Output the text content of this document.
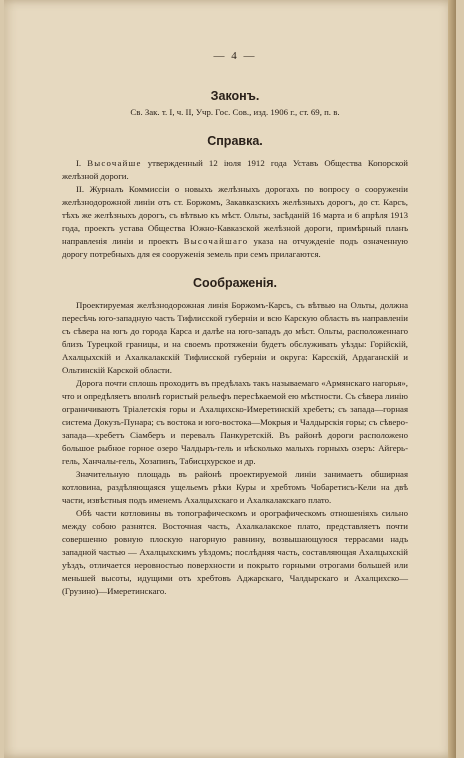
— 4 —
Законъ.
Св. Зак. т. I, ч. II, Учр. Гос. Сов., изд. 1906 г., ст. 69, п. в.
Справка.

I. Высочайше утвержденный 12 іюля 1912 года Уставъ Общества Копорской желѣзной дороги.

II. Журналъ Коммиссіи о новыхъ желѣзныхъ дорогахъ по вопросу о сооруженіи желѣзнодорожной линіи отъ ст. Боржомъ, Закавказскихъ желѣзныхъ дорогъ, до ст. Карсъ, тѣхъ же желѣзныхъ дорогъ, съ вѣтвью къ мѣст. Ольты, засѣданій 16 марта и 6 апрѣля 1913 года, проектъ устава Общества Южно-Кавказской желѣзной дороги, примѣрный планъ направленія линіи и проектъ Высочайшаго указа на отчужденіе подъ означенную дорогу потребныхъ для ея сооруженія земель при семъ прилагаются.

Соображенія.

Проектируемая желѣзнодорожная линія Боржомъ-Карсъ, съ вѣтвью на Ольты, должна пересѣчь юго-западную часть Тифлисской губерніи и всю Карскую область въ направленіи съ сѣвера на югъ до города Карса и далѣе на юго-западъ до мѣст. Ольты, расположеннаго близъ Турецкой границы, и на своемъ протяженіи будетъ обслуживать уѣзды: Горійскій, Ахалцыхскій и Ахалкалакскій Тифлисской губерніи и округа: Карсскій, Ардаганскій и Ольтинскій Карской области.

Дорога почти сплошь проходитъ въ предѣлахъ такъ называемаго «Армянскаго нагорья», что и опредѣляетъ вполнѣ гористый рельефъ пересѣкаемой ею мѣстности. Съ сѣвера линію ограничиваютъ Тріалетскія горы и Ахалцихско-Имеретинскій хребетъ; съ запада—горная система Докузъ-Пунара; съ востока и юго-востока—Мокрыя и Чалдырскія горы; съ сѣверо-запада—хребетъ Сіамберъ и перевалъ Панкуретскій. Въ районѣ дороги расположено большое рыбное горное озеро Чалдыръ-гель и нѣсколько малыхъ горныхъ озеръ: Айгерь-гель, Ханчалы-гель, Хозапинъ, Табисцхурское и др.

Значительную площадь въ районѣ проектируемой линіи занимаетъ обширная котловина, раздѣляющаяся ущельемъ рѣки Куры и хребтомъ Чобаретисъ-Кели на двѣ части, извѣстныя подъ именемъ Ахалцыхскаго и Ахалкалакскаго плато.

Обѣ части котловины въ топографическомъ и орографическомъ отношеніяхъ сильно между собою разнятся. Восточная часть, Ахалкалакское плато, представляетъ почти совершенно ровную плоскую нагорную равнину, возвышающуюся террасами надъ западной частью — Ахалцыхскимъ уѣздомъ; послѣдняя часть, составляющая Ахалцыхскій уѣздъ, отличается неровностью поверхности и покрыто горными отрогами большей или меньшей высоты, идущими отъ хребтовъ Аджарскаго, Чалдырскаго и Ахалцихско—(Грузино)—Имеретинскаго.
